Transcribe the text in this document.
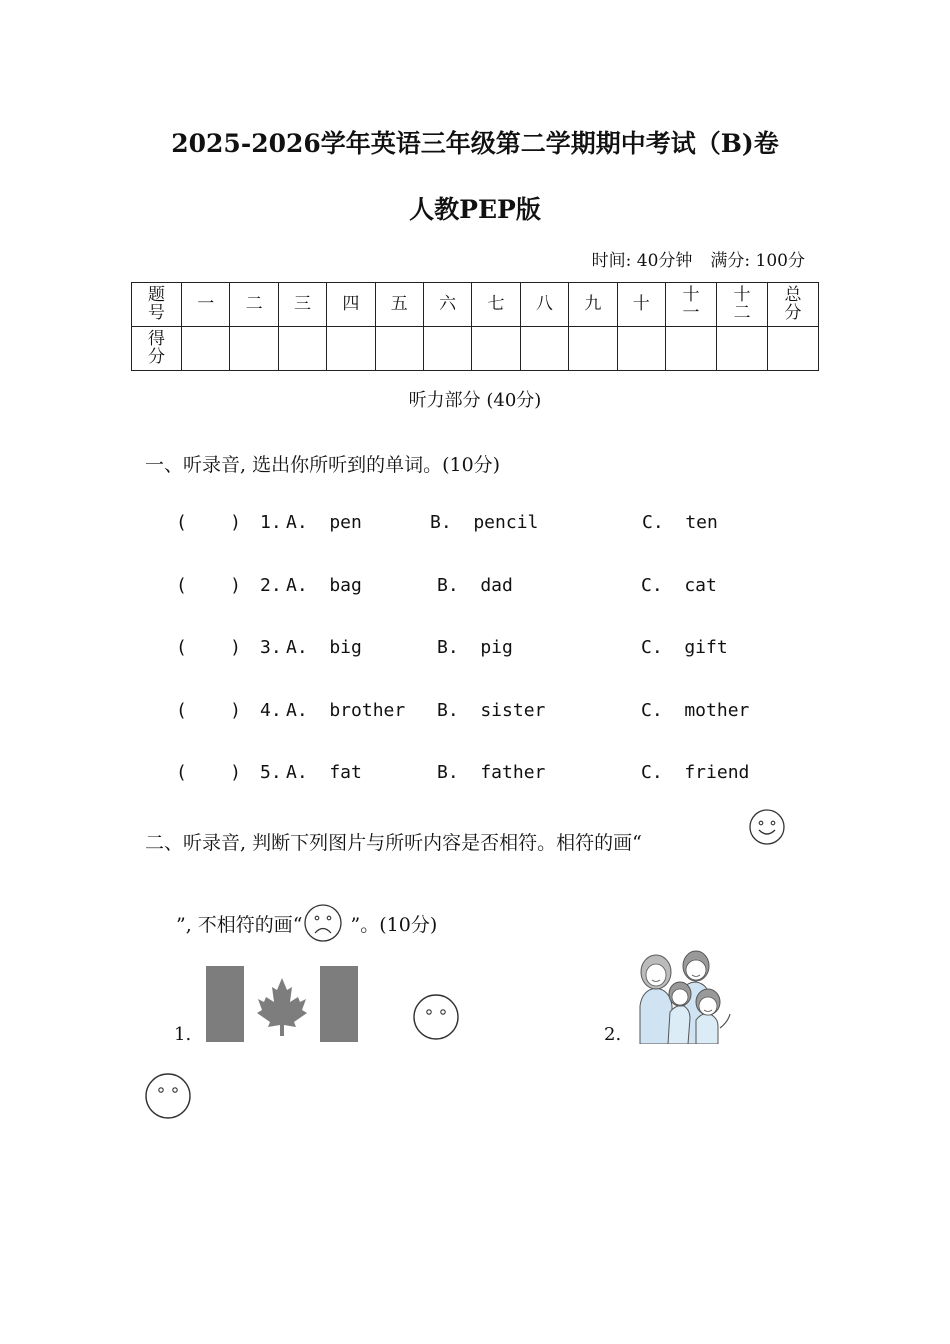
2025-2026学年英语三年级第二学期期中考试（B)卷
人教PEP版
时间: 40分钟 满分: 100分
题号	一	二	三	四	五	六	七	八	九	十	十一	十二	总分
得分													
听力部分 (40分)
一、听录音, 选出你所听到的单词。(10分)
(    ) 1. A.  pen	B.  pencil	C.  ten
(    ) 2. A.  bag	B.  dad	C.  cat
(    ) 3. A.  big	B.  pig	C.  gift
(    ) 4. A.  brother B.  sister	C.  mother
(    ) 5. A.  fat	B.  father	C.  friend
二、听录音, 判断下列图片与所听内容是否相符。相符的画“
”, 不相符的画“	”。(10分)
1.	2.
